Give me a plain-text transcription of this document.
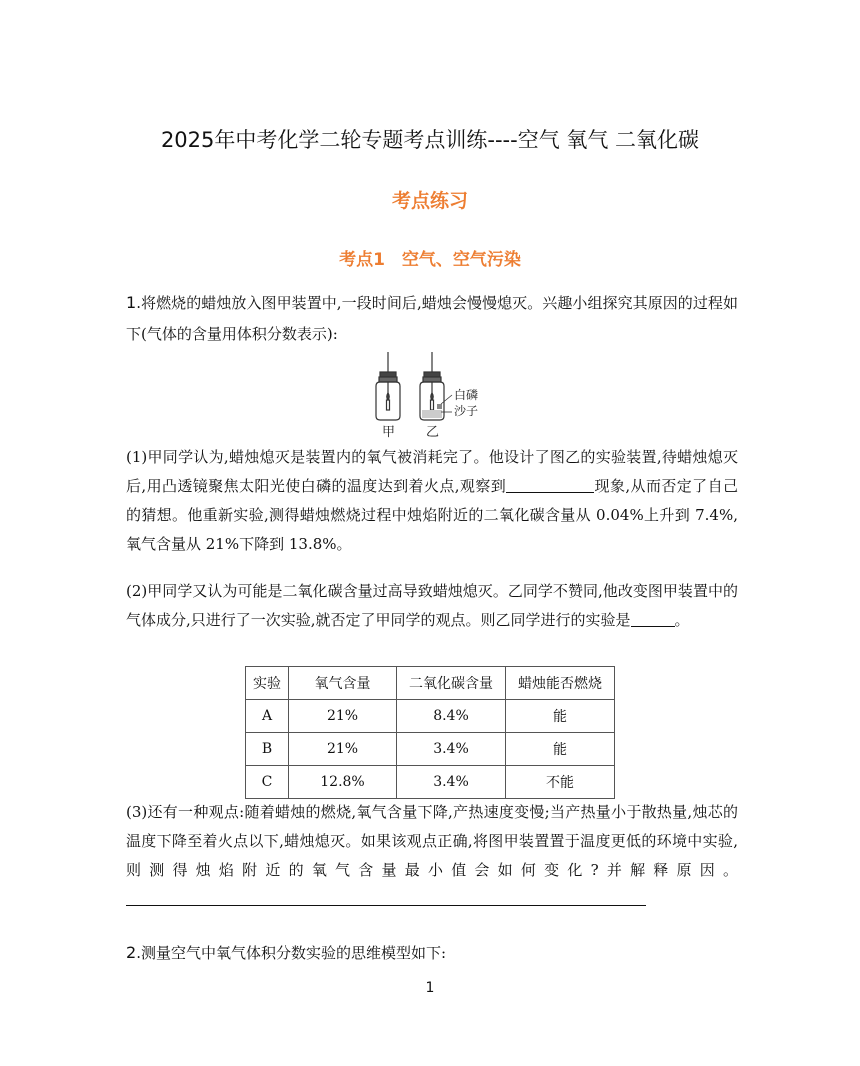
2025年中考化学二轮专题考点训练----空气 氧气 二氧化碳
考点练习
考点1　空气、空气污染

1.将燃烧的蜡烛放入图甲装置中,一段时间后,蜡烛会慢慢熄灭。兴趣小组探究其原因的过程如下(气体的含量用体积分数表示):

白磷
沙子
甲 乙

(1)甲同学认为,蜡烛熄灭是装置内的氧气被消耗完了。他设计了图乙的实验装置,待蜡烛熄灭后,用凸透镜聚焦太阳光使白磷的温度达到着火点,观察到	现象,从而否定了自己的猜想。他重新实验,测得蜡烛燃烧过程中烛焰附近的二氧化碳含量从 0.04%上升到 7.4%,氧气含量从 21%下降到 13.8%。

(2)甲同学又认为可能是二氧化碳含量过高导致蜡烛熄灭。乙同学不赞同,他改变图甲装置中的气体成分,只进行了一次实验,就否定了甲同学的观点。则乙同学进行的实验是	。

实验	氧气含量	二氧化碳含量	蜡烛能否燃烧
A	21%	8.4%	能
B	21%	3.4%	能
C	12.8%	3.4%	不能

(3)还有一种观点:随着蜡烛的燃烧,氧气含量下降,产热速度变慢;当产热量小于散热量,烛芯的温度下降至着火点以下,蜡烛熄灭。如果该观点正确,将图甲装置置于温度更低的环境中实验,则测得烛焰附近的氧气含量最小值会如何变化?并解释原因。

2.测量空气中氧气体积分数实验的思维模型如下:

1
